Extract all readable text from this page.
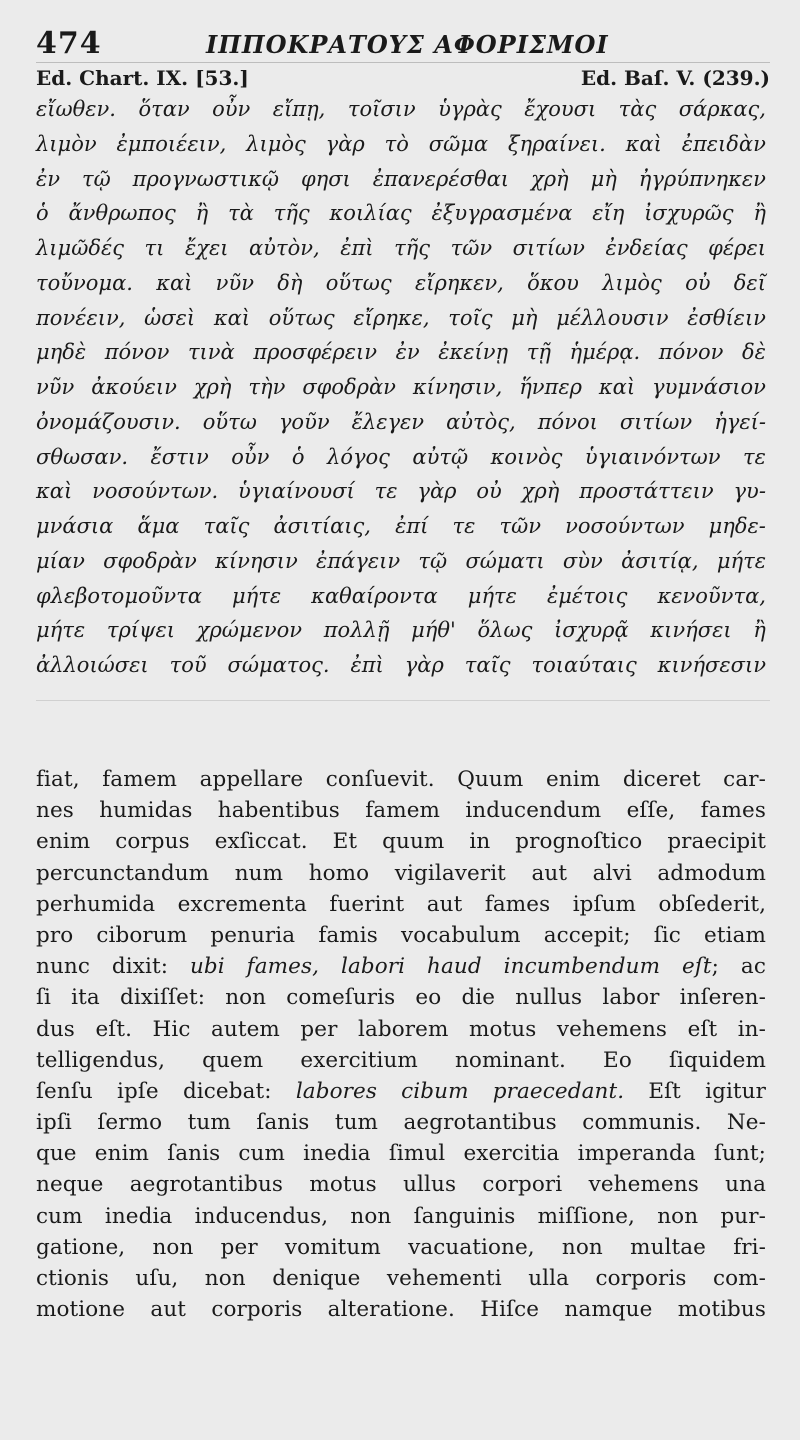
474	ΙΠΠΟΚΡΑΤΟΥΣ ΑΦΟΡΙΣΜΟΙ
Ed. Chart. IX. [53.]	Ed. Baſ. V. (239.)
εἴωθεν. ὅταν οὖν εἴπῃ, τοῖσιν ὑγρὰς ἔχουσι τὰς σάρκας,
λιμὸν ἐμποιέειν, λιμὸς γὰρ τὸ σῶμα ξηραίνει. καὶ ἐπειδὰν
ἐν τῷ προγνωστικῷ φησι ἐπανερέσθαι χρὴ μὴ ἠγρύπνηκεν
ὁ ἄνθρωπος ἢ τὰ τῆς κοιλίας ἐξυγρασμένα εἴη ἰσχυρῶς ἢ
λιμῶδές τι ἔχει αὐτὸν, ἐπὶ τῆς τῶν σιτίων ἐνδείας φέρει
τοὔνομα. καὶ νῦν δὴ οὕτως εἴρηκεν, ὅκου λιμὸς οὐ δεῖ
πονέειν, ὡσεὶ καὶ οὕτως εἴρηκε, τοῖς μὴ μέλλουσιν ἐσθίειν
μηδὲ πόνον τινὰ προσφέρειν ἐν ἐκείνῃ τῇ ἡμέρᾳ. πόνον δὲ
νῦν ἀκούειν χρὴ τὴν σφοδρὰν κίνησιν, ἥνπερ καὶ γυμνάσιον
ὀνομάζουσιν. οὕτω γοῦν ἔλεγεν αὐτὸς, πόνοι σιτίων ἡγεί-
σθωσαν. ἔστιν οὖν ὁ λόγος αὐτῷ κοινὸς ὑγιαινόντων τε
καὶ νοσούντων. ὑγιαίνουσί τε γὰρ οὐ χρὴ προστάττειν γυ-
μνάσια ἅμα ταῖς ἀσιτίαις, ἐπί τε τῶν νοσούντων μηδε-
μίαν σφοδρὰν κίνησιν ἐπάγειν τῷ σώματι σὺν ἀσιτίᾳ, μήτε
φλεβοτομοῦντα μήτε καθαίροντα μήτε ἐμέτοις κενοῦντα,
μήτε τρίψει χρώμενον πολλῇ μήθ' ὅλως ἰσχυρᾷ κινήσει ἢ
ἀλλοιώσει τοῦ σώματος. ἐπὶ γὰρ ταῖς τοιαύταις κινήσεσιν
fiat, famem appellare conſuevit. Quum enim diceret car-
nes humidas habentibus famem inducendum eſſe, fames
enim corpus exſiccat. Et quum in prognoſtico praecipit
percunctandum num homo vigilaverit aut alvi admodum
perhumida excrementa fuerint aut fames ipſum obſederit,
pro ciborum penuria famis vocabulum accepit; ſic etiam
nunc dixit: ubi fames, labori haud incumbendum eſt; ac
ſi ita dixiſſet: non comeſuris eo die nullus labor inſeren-
dus eſt. Hic autem per laborem motus vehemens eſt in-
telligendus, quem exercitium nominant. Eo ſiquidem
ſenſu ipſe dicebat: labores cibum praecedant. Eſt igitur
ipſi ſermo tum ſanis tum aegrotantibus communis. Ne-
que enim ſanis cum inedia ſimul exercitia imperanda ſunt;
neque aegrotantibus motus ullus corpori vehemens una
cum inedia inducendus, non ſanguinis miſſione, non pur-
gatione, non per vomitum vacuatione, non multae fri-
ctionis uſu, non denique vehementi ulla corporis com-
motione aut corporis alteratione. Hiſce namque motibus
